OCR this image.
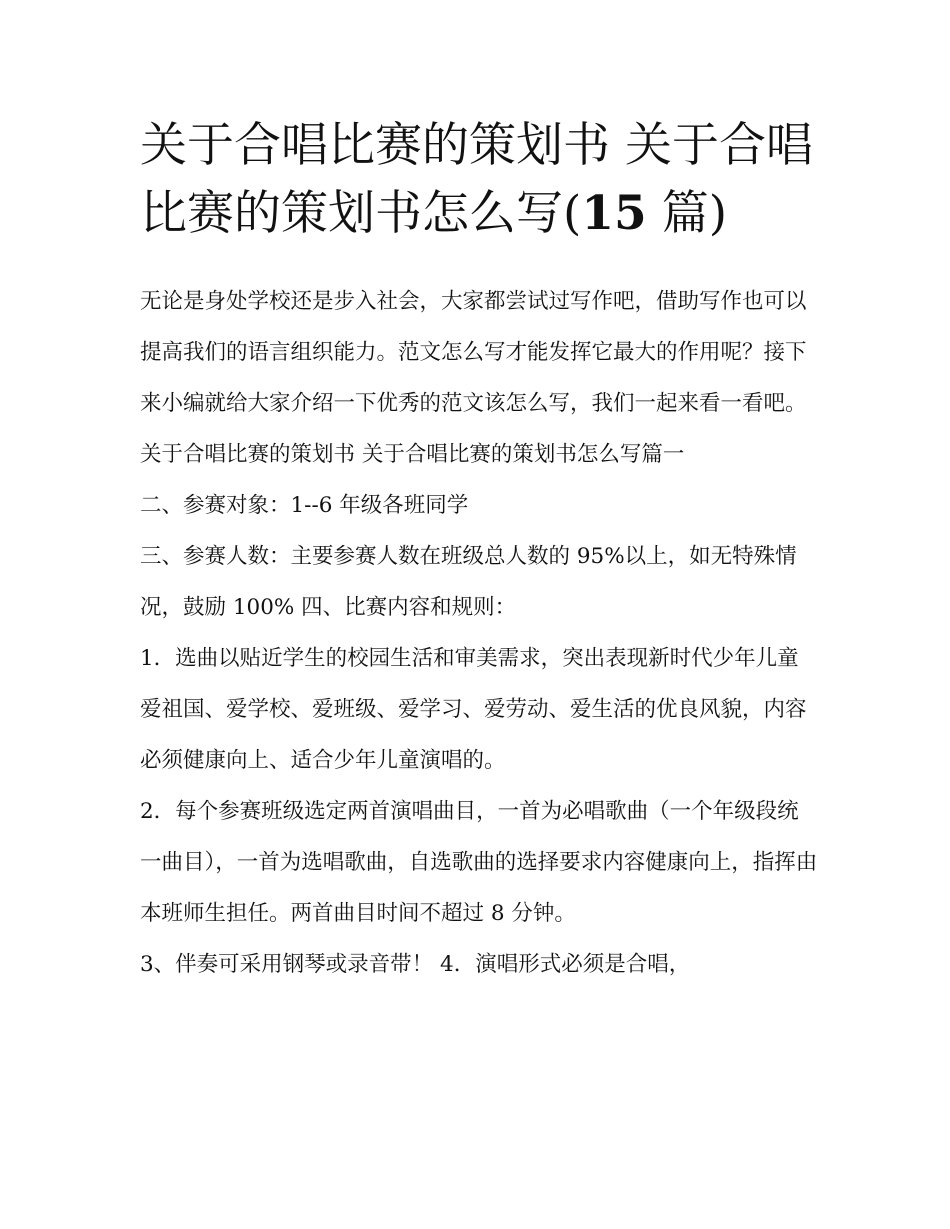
关于合唱比赛的策划书 关于合唱比赛的策划书怎么写(15 篇)

无论是身处学校还是步入社会，大家都尝试过写作吧，借助写作也可以提高我们的语言组织能力。范文怎么写才能发挥它最大的作用呢？接下来小编就给大家介绍一下优秀的范文该怎么写，我们一起来看一看吧。

关于合唱比赛的策划书 关于合唱比赛的策划书怎么写篇一

二、参赛对象：1--6 年级各班同学

三、参赛人数：主要参赛人数在班级总人数的 95%以上，如无特殊情况，鼓励 100% 四、比赛内容和规则：

1．选曲以贴近学生的校园生活和审美需求，突出表现新时代少年儿童爱祖国、爱学校、爱班级、爱学习、爱劳动、爱生活的优良风貌，内容必须健康向上、适合少年儿童演唱的。

2．每个参赛班级选定两首演唱曲目，一首为必唱歌曲（一个年级段统一曲目），一首为选唱歌曲，自选歌曲的选择要求内容健康向上，指挥由本班师生担任。两首曲目时间不超过 8 分钟。

3、伴奏可采用钢琴或录音带！ 4．演唱形式必须是合唱，
